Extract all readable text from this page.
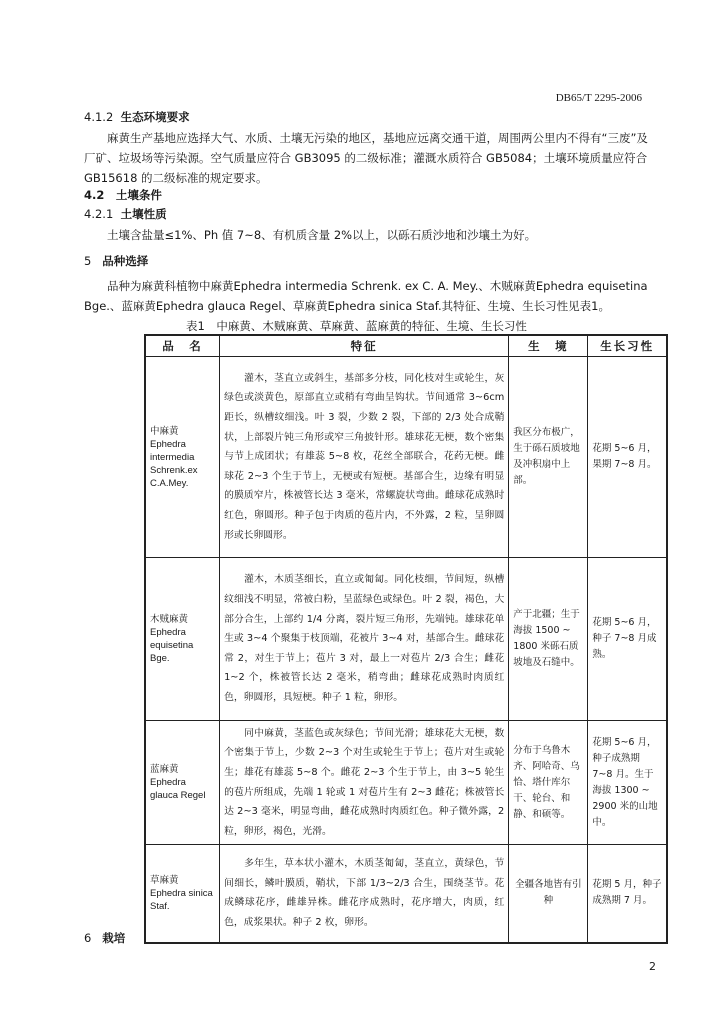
DB65/T 2295-2006
4.1.2 生态环境要求
麻黄生产基地应选择大气、水质、土壤无污染的地区，基地应远离交通干道，周围两公里内不得有“三废”及厂矿、垃圾场等污染源。空气质量应符合 GB3095 的二级标准；灌溉水质符合 GB5084；土壤环境质量应符合 GB15618 的二级标准的规定要求。
4.2　土壤条件
4.2.1 土壤性质
土壤含盐量≤1%、Ph 值 7~8、有机质含量 2%以上，以砾石质沙地和沙壤土为好。
5 品种选择
品种为麻黄科植物中麻黄Ephedra intermedia Schrenk. ex C. A. Mey.、木贼麻黄Ephedra equisetina Bge.、蓝麻黄Ephedra glauca Regel、草麻黄Ephedra sinica Staf.其特征、生境、生长习性见表1。
表1　中麻黄、木贼麻黄、草麻黄、蓝麻黄的特征、生境、生长习性
品　名	特征	生　境	生长习性
中麻黄 Ephedra intermedia Schrenk.ex C.A.Mey.	灌木，茎直立或斜生，基部多分枝，同化枝对生或轮生，灰绿色或淡黄色，原部直立或稍有弯曲呈钩状。节间通常 3~6cm 距长，纵槽纹细浅。叶 3 裂，少数 2 裂，下部的 2/3 处合成鞘状，上部裂片钝三角形或窄三角披针形。雄球花无梗，数个密集与节上成团状；有雄蕊 5~8 枚，花丝全部联合，花药无梗。雌球花 2~3 个生于节上，无梗或有短梗。基部合生，边缘有明显的膜质窄片，株被管长达 3 毫米，常螺旋状弯曲。雌球花成熟时红色，卵圆形。种子包于肉质的苞片内，不外露，2 粒，呈卵圆形或长卵圆形。	我区分布极广，生于砾石质坡地及冲积扇中上部。	花期 5~6 月，果期 7~8 月。
木贼麻黄 Ephedra equisetina Bge.	灌木，木质茎细长，直立或匍匐。同化枝细，节间短，纵槽纹细浅不明显，常被白粉，呈蓝绿色或绿色。叶 2 裂，褐色，大部分合生，上部约 1/4 分离，裂片短三角形，先端钝。雄球花单生或 3~4 个聚集于枝顶端，花被片 3~4 对，基部合生。雌球花常 2，对生于节上；苞片 3 对，最上一对苞片 2/3 合生；雌花 1~2 个，株被管长达 2 毫米，稍弯曲；雌球花成熟时肉质红色，卵圆形，具短梗。种子 1 粒，卵形。	产于北疆；生于海拔 1500 ~ 1800 米砾石质坡地及石缝中。	花期 5~6 月，种子 7~8 月成熟。
蓝麻黄 Ephedra glauca Regel	同中麻黄，茎蓝色或灰绿色；节间光滑；雄球花大无梗，数个密集于节上，少数 2~3 个对生或轮生于节上；苞片对生或轮生；雄花有雄蕊 5~8 个。雌花 2~3 个生于节上，由 3~5 轮生的苞片所组成，先端 1 轮或 1 对苞片生有 2~3 雌花；株被管长达 2~3 毫米，明显弯曲，雌花成熟时肉质红色。种子微外露，2 粒，卵形，褐色，光滑。	分布于乌鲁木齐、阿哈奇、乌恰、塔什库尔干、轮台、和静、和硕等。	花期 5~6 月，种子成熟期 7~8 月。生于海拔 1300 ~ 2900 米的山地中。
草麻黄 Ephedra sinica Staf.	多年生，草本状小灌木，木质茎匍匐，茎直立，黄绿色，节间细长，鳞叶膜质，鞘状，下部 1/3~2/3 合生，围绕茎节。花成鳞球花序，雌雄异株。雌花序成熟时，花序增大，肉质，红色，成浆果状。种子 2 枚，卵形。	全疆各地皆有引种	花期 5 月，种子成熟期 7 月。
6 栽培
2
